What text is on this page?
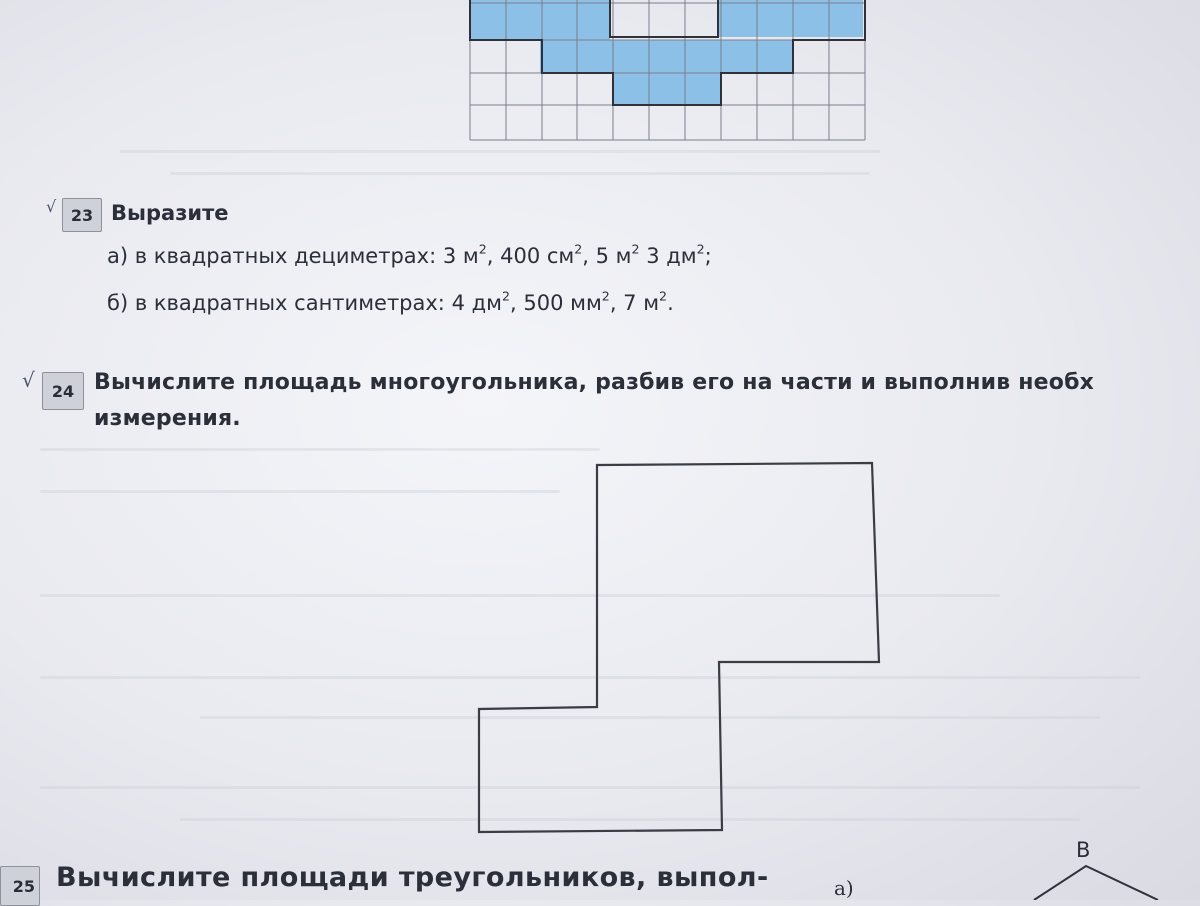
√ 23 Выразите
а) в квадратных дециметрах: 3 $м^2$, 400 $см^2$, 5 $м^2$ 3 $дм^2$;
б) в квадратных сантиметрах: 4 $дм^2$, 500 $мм^2$, 7 $м^2$.
√	24 Вычислите площадь многоугольника, разбив его на части и выполнив необх
измерения.
25 Вычислите площади треугольников, выпол-	а)
В
